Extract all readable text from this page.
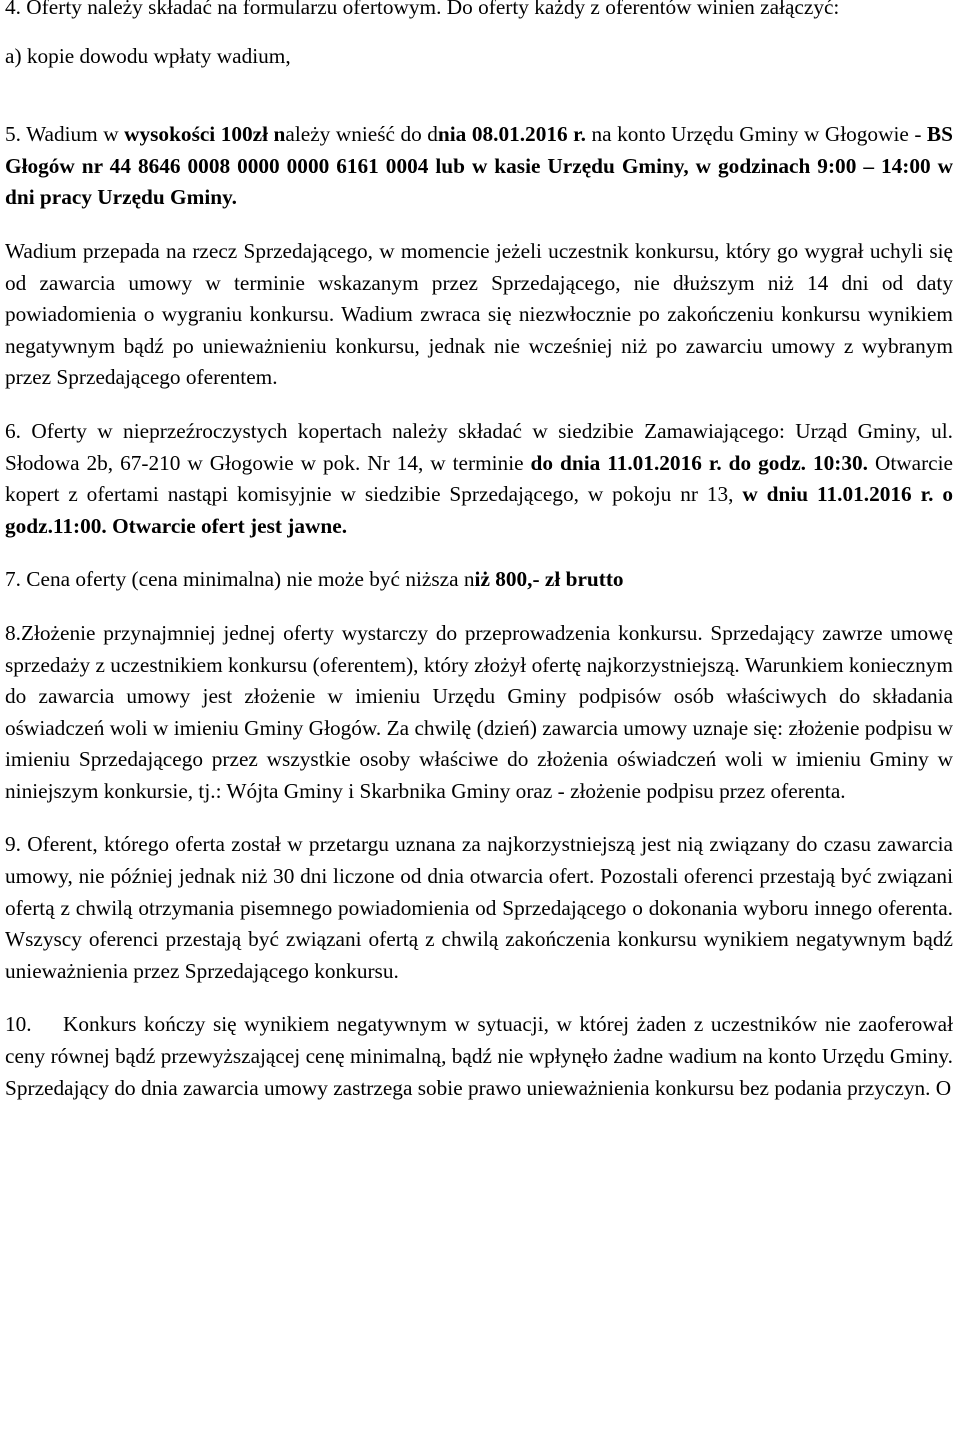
4. Oferty należy składać na formularzu ofertowym. Do oferty każdy z oferentów winien załączyć:

a) kopie dowodu wpłaty wadium,

5. Wadium w wysokości 100zł należy wnieść do dnia 08.01.2016 r. na konto Urzędu Gminy w Głogowie - BS Głogów nr 44 8646 0008 0000 0000 6161 0004 lub w kasie Urzędu Gminy, w godzinach 9:00 – 14:00 w dni pracy Urzędu Gminy.

Wadium przepada na rzecz Sprzedającego, w momencie jeżeli uczestnik konkursu, który go wygrał uchyli się od zawarcia umowy w terminie wskazanym przez Sprzedającego, nie dłuższym niż 14 dni od daty powiadomienia o wygraniu konkursu. Wadium zwraca się niezwłocznie po zakończeniu konkursu wynikiem negatywnym bądź po unieważnieniu konkursu, jednak nie wcześniej niż po zawarciu umowy z wybranym przez Sprzedającego oferentem.

6. Oferty w nieprzeźroczystych kopertach należy składać w siedzibie Zamawiającego: Urząd Gminy, ul. Słodowa 2b, 67-210 w Głogowie w pok. Nr 14, w terminie do dnia 11.01.2016 r. do godz. 10:30. Otwarcie kopert z ofertami nastąpi komisyjnie w siedzibie Sprzedającego, w pokoju nr 13, w dniu 11.01.2016 r. o godz.11:00. Otwarcie ofert jest jawne.

7. Cena oferty (cena minimalna) nie może być niższa niż 800,- zł brutto

8.Złożenie przynajmniej jednej oferty wystarczy do przeprowadzenia konkursu. Sprzedający zawrze umowę sprzedaży z uczestnikiem konkursu (oferentem), który złożył ofertę najkorzystniejszą. Warunkiem koniecznym do zawarcia umowy jest złożenie w imieniu Urzędu Gminy podpisów osób właściwych do składania oświadczeń woli w imieniu Gminy Głogów. Za chwilę (dzień) zawarcia umowy uznaje się: złożenie podpisu w imieniu Sprzedającego przez wszystkie osoby właściwe do złożenia oświadczeń woli w imieniu Gminy w niniejszym konkursie, tj.: Wójta Gminy i Skarbnika Gminy oraz - złożenie podpisu przez oferenta.

9. Oferent, którego oferta został w przetargu uznana za najkorzystniejszą jest nią związany do czasu zawarcia umowy, nie później jednak niż 30 dni liczone od dnia otwarcia ofert. Pozostali oferenci przestają być związani ofertą z chwilą otrzymania pisemnego powiadomienia od Sprzedającego o dokonania wyboru innego oferenta. Wszyscy oferenci przestają być związani ofertą z chwilą zakończenia konkursu wynikiem negatywnym bądź unieważnienia przez Sprzedającego konkursu.

10. Konkurs kończy się wynikiem negatywnym w sytuacji, w której żaden z uczestników nie zaoferował ceny równej bądź przewyższającej cenę minimalną, bądź nie wpłynęło żadne wadium na konto Urzędu Gminy. Sprzedający do dnia zawarcia umowy zastrzega sobie prawo unieważnienia konkursu bez podania przyczyn. O
